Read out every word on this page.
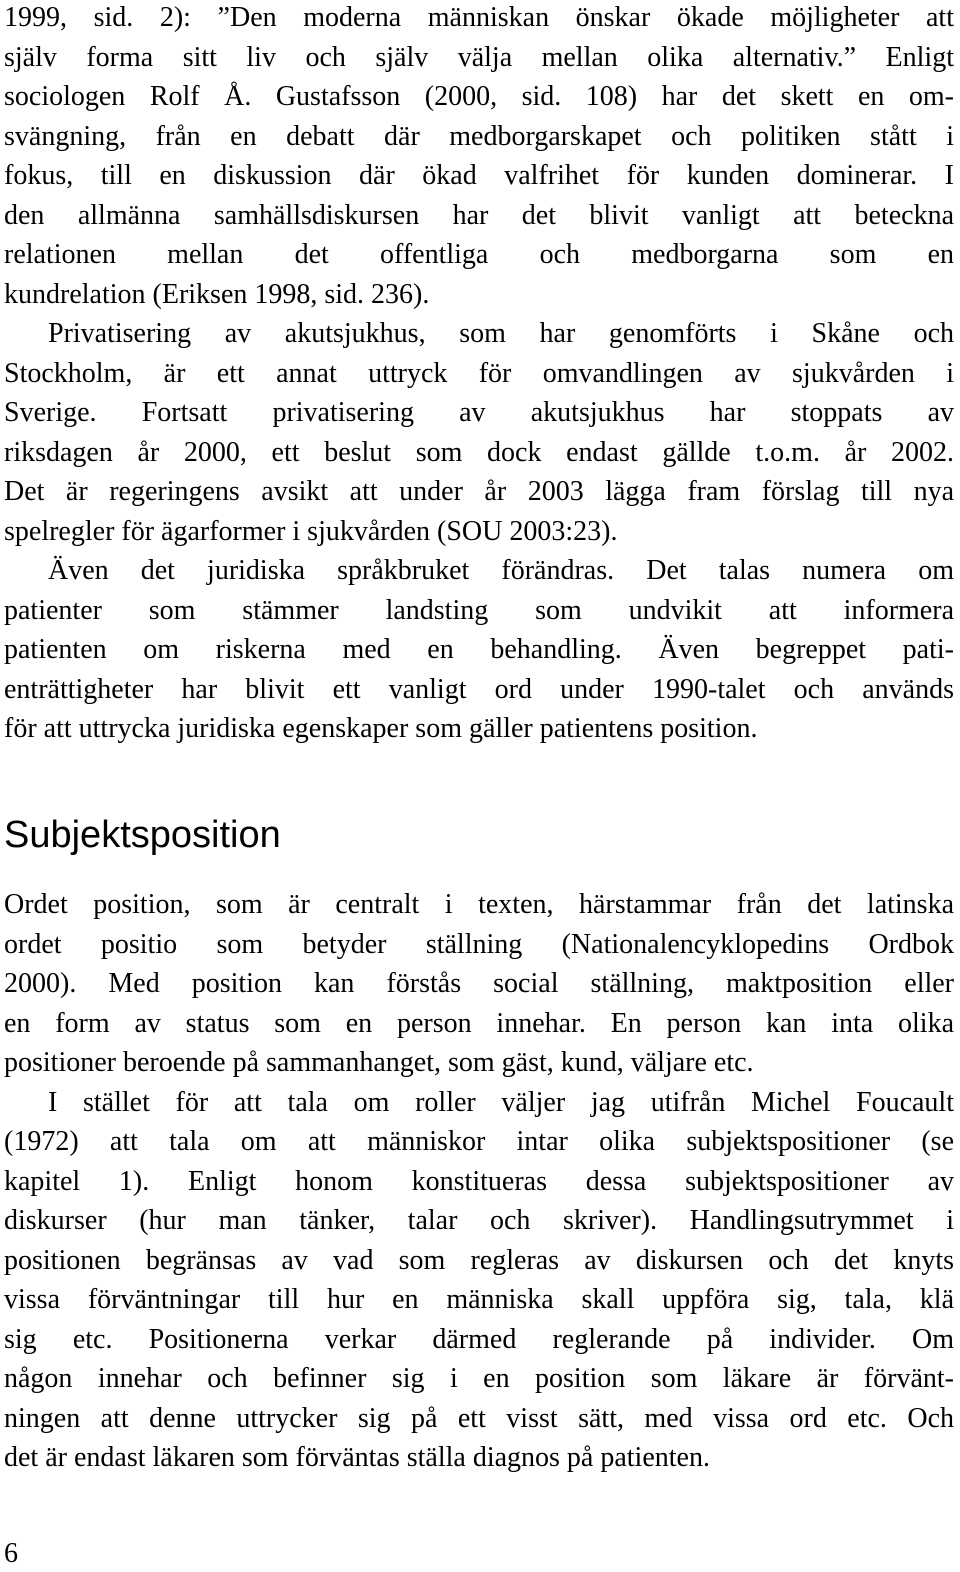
1999, sid. 2): ”Den moderna människan önskar ökade möjligheter att
själv forma sitt liv och själv välja mellan olika alternativ.” Enligt
sociologen Rolf Å. Gustafsson (2000, sid. 108) har det skett en om-
svängning, från en debatt där medborgarskapet och politiken stått i
fokus, till en diskussion där ökad valfrihet för kunden dominerar. I
den allmänna samhällsdiskursen har det blivit vanligt att beteckna
relationen mellan det offentliga och medborgarna som en
kundrelation (Eriksen 1998, sid. 236).
Privatisering av akutsjukhus, som har genomförts i Skåne och
Stockholm, är ett annat uttryck för omvandlingen av sjukvården i
Sverige. Fortsatt privatisering av akutsjukhus har stoppats av
riksdagen år 2000, ett beslut som dock endast gällde t.o.m. år 2002.
Det är regeringens avsikt att under år 2003 lägga fram förslag till nya
spelregler för ägarformer i sjukvården (SOU 2003:23).
Även det juridiska språkbruket förändras. Det talas numera om
patienter som stämmer landsting som undvikit att informera
patienten om riskerna med en behandling. Även begreppet pati-
enträttigheter har blivit ett vanligt ord under 1990-talet och används
för att uttrycka juridiska egenskaper som gäller patientens position.
Subjektsposition
Ordet position, som är centralt i texten, härstammar från det latinska
ordet positio som betyder ställning (Nationalencyklopedins Ordbok
2000). Med position kan förstås social ställning, maktposition eller
en form av status som en person innehar. En person kan inta olika
positioner beroende på sammanhanget, som gäst, kund, väljare etc.
I stället för att tala om roller väljer jag utifrån Michel Foucault
(1972) att tala om att människor intar olika subjektspositioner (se
kapitel 1). Enligt honom konstitueras dessa subjektspositioner av
diskurser (hur man tänker, talar och skriver). Handlingsutrymmet i
positionen begränsas av vad som regleras av diskursen och det knyts
vissa förväntningar till hur en människa skall uppföra sig, tala, klä
sig etc. Positionerna verkar därmed reglerande på individer. Om
någon innehar och befinner sig i en position som läkare är förvänt-
ningen att denne uttrycker sig på ett visst sätt, med vissa ord etc. Och
det är endast läkaren som förväntas ställa diagnos på patienten.
6
